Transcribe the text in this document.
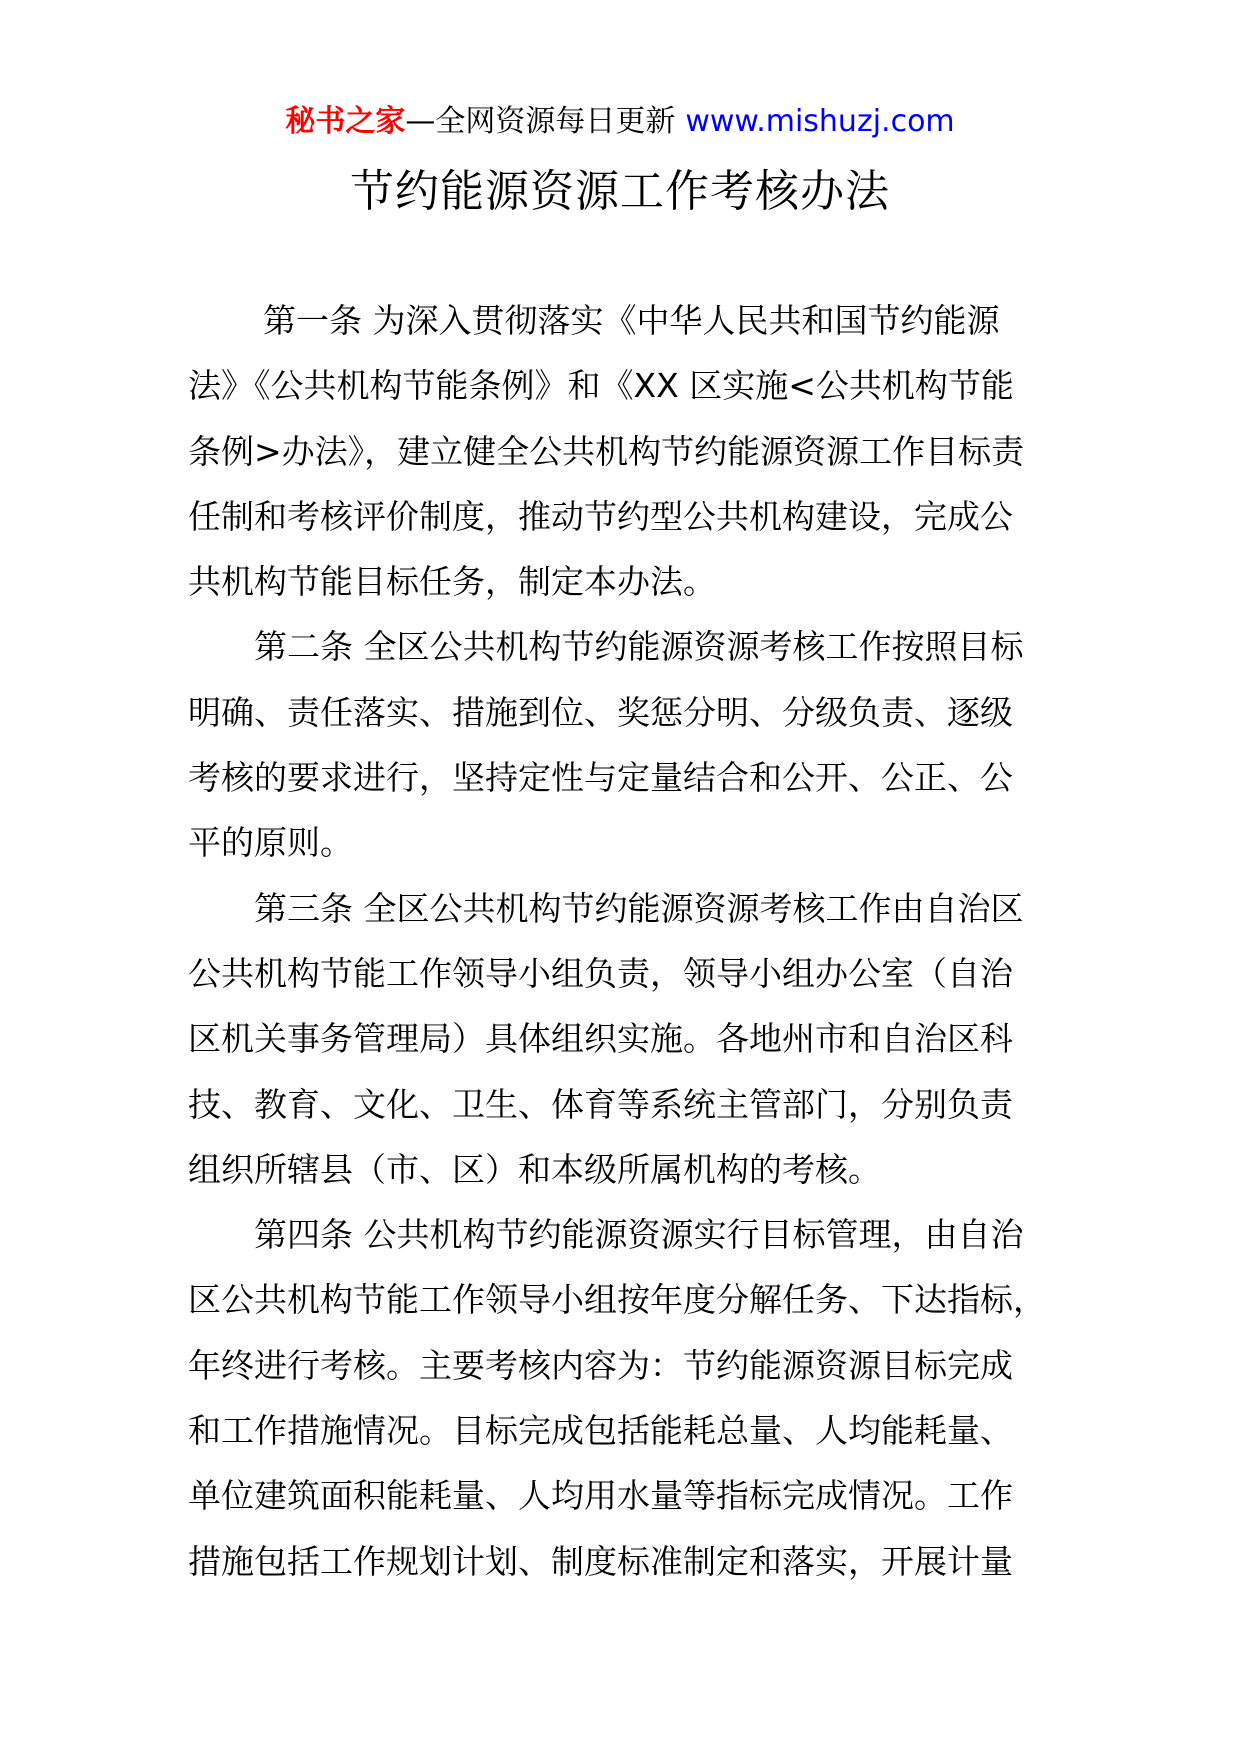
秘书之家—全网资源每日更新 www.mishuzj.com
节约能源资源工作考核办法
第一条 为深入贯彻落实《中华人民共和国节约能源
法》《公共机构节能条例》和《XX 区实施<公共机构节能
条例>办法》，建立健全公共机构节约能源资源工作目标责
任制和考核评价制度，推动节约型公共机构建设，完成公
共机构节能目标任务，制定本办法。
第二条 全区公共机构节约能源资源考核工作按照目标
明确、责任落实、措施到位、奖惩分明、分级负责、逐级
考核的要求进行，坚持定性与定量结合和公开、公正、公
平的原则。
第三条 全区公共机构节约能源资源考核工作由自治区
公共机构节能工作领导小组负责，领导小组办公室（自治
区机关事务管理局）具体组织实施。各地州市和自治区科
技、教育、文化、卫生、体育等系统主管部门，分别负责
组织所辖县（市、区）和本级所属机构的考核。
第四条 公共机构节约能源资源实行目标管理，由自治
区公共机构节能工作领导小组按年度分解任务、下达指标，
年终进行考核。主要考核内容为：节约能源资源目标完成
和工作措施情况。目标完成包括能耗总量、人均能耗量、
单位建筑面积能耗量、人均用水量等指标完成情况。工作
措施包括工作规划计划、制度标准制定和落实，开展计量
